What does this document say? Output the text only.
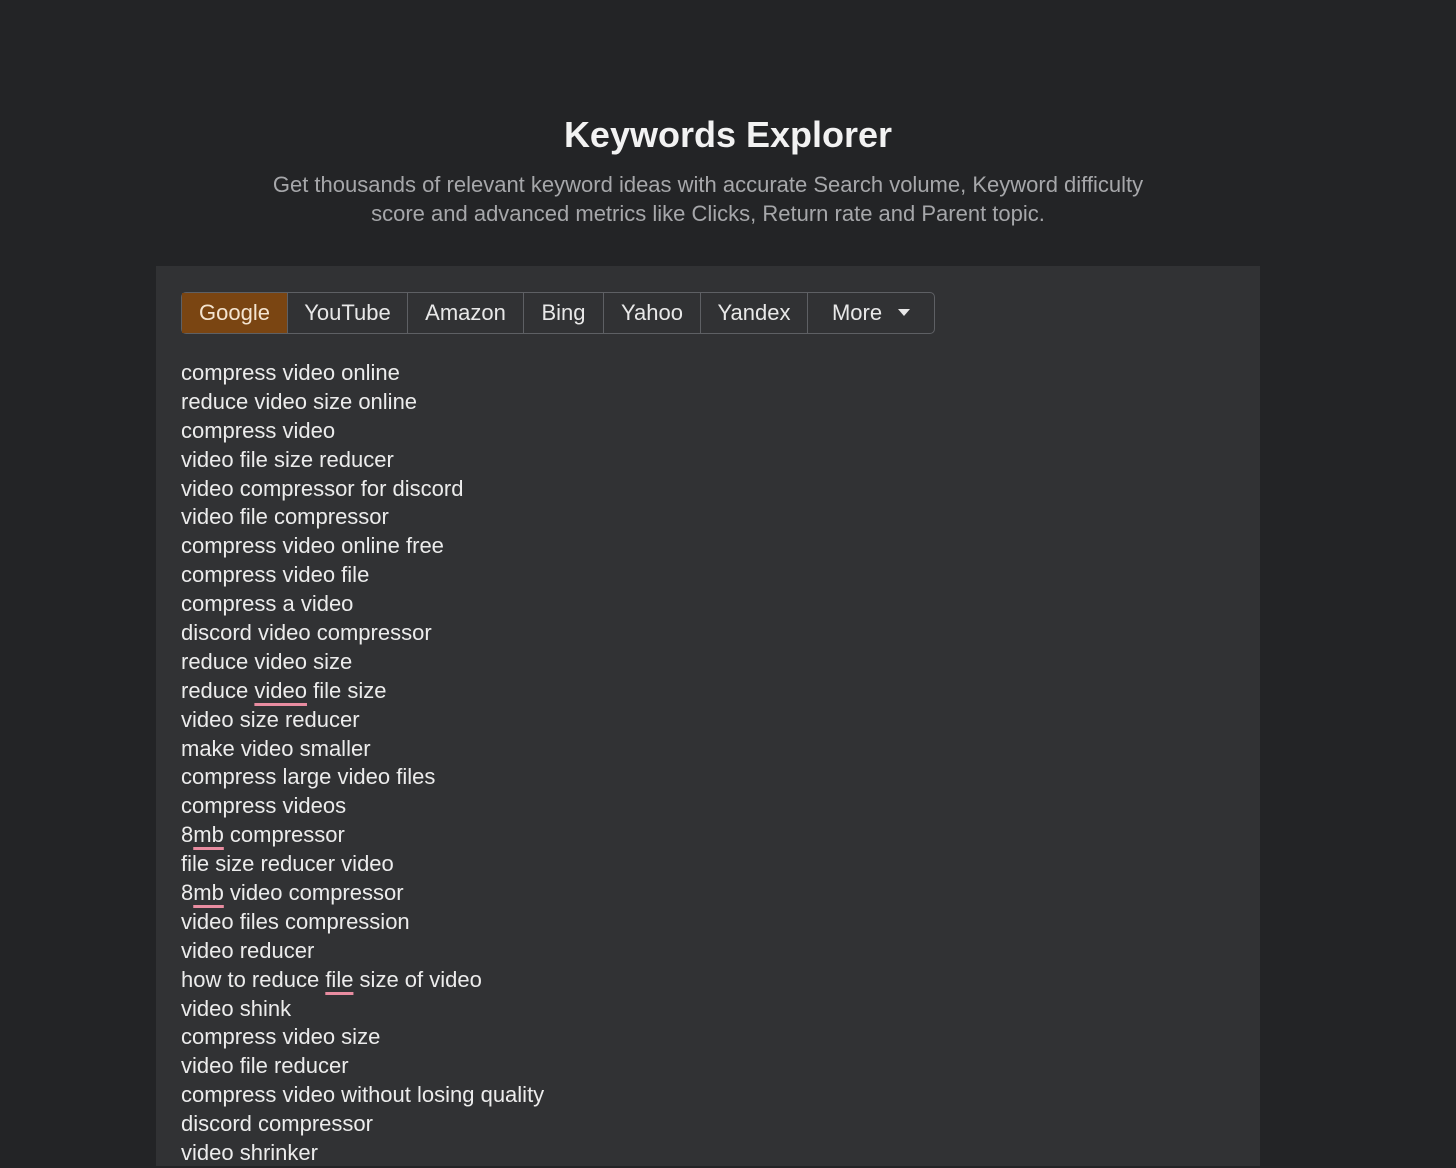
Keywords Explorer

Get thousands of relevant keyword ideas with accurate Search volume, Keyword difficulty score and advanced metrics like Clicks, Return rate and Parent topic.

Google	YouTube	Amazon	Bing	Yahoo	Yandex	More
compress video online
reduce video size online
compress video
video file size reducer
video compressor for discord
video file compressor
compress video online free
compress video file
compress a video
discord video compressor
reduce video size
reduce video file size
video size reducer
make video smaller
compress large video files
compress videos
8mb compressor
file size reducer video
8mb video compressor
video files compression
video reducer
how to reduce file size of video
video shink
compress video size
video file reducer
compress video without losing quality
discord compressor
video shrinker
